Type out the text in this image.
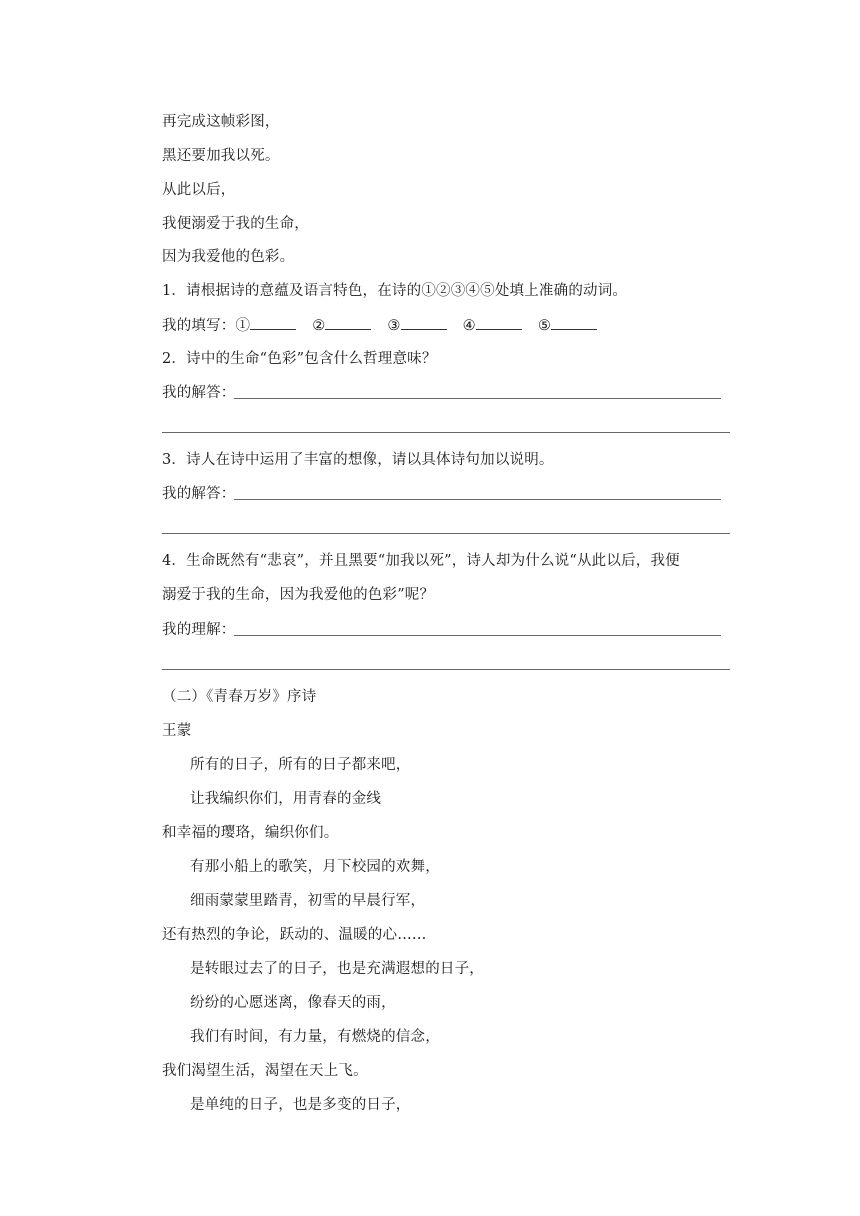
再完成这帧彩图，
黑还要加我以死。
从此以后，
我便溺爱于我的生命，
因为我爱他的色彩。
1．请根据诗的意蕴及语言特色，在诗的①②③④⑤处填上准确的动词。
我的填写：①	②	③	④	⑤
2．诗中的生命“色彩”包含什么哲理意味？
我的解答：
3．诗人在诗中运用了丰富的想像，请以具体诗句加以说明。
我的解答：
4．生命既然有“悲哀”，并且黑要“加我以死”，诗人却为什么说“从此以后，我便
溺爱于我的生命，因为我爱他的色彩”呢？
我的理解：
（二）《青春万岁》序诗
王蒙
所有的日子，所有的日子都来吧，
让我编织你们，用青春的金线
和幸福的璎珞，编织你们。
有那小船上的歌笑，月下校园的欢舞，
细雨蒙蒙里踏青，初雪的早晨行军，
还有热烈的争论，跃动的、温暖的心……
是转眼过去了的日子，也是充满遐想的日子，
纷纷的心愿迷离，像春天的雨，
我们有时间，有力量，有燃烧的信念，
我们渴望生活，渴望在天上飞。
是单纯的日子，也是多变的日子，
